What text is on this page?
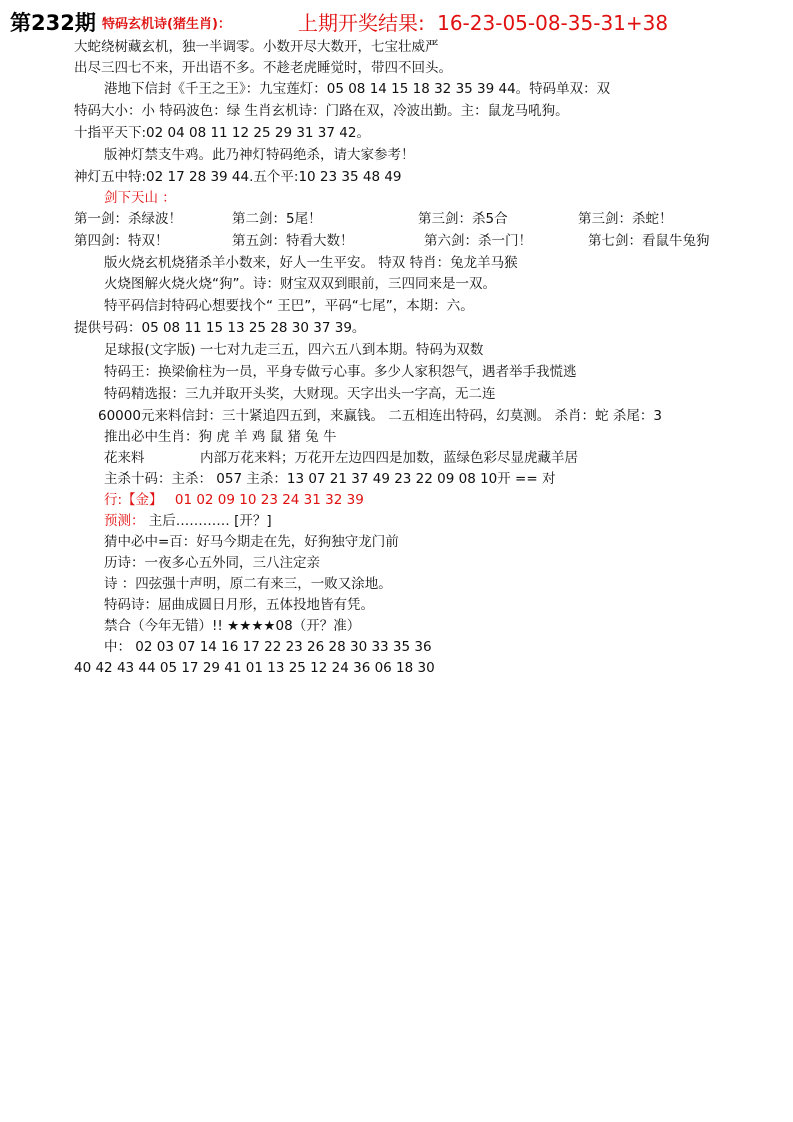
第232期 特码玄机诗(猪生肖)：	上期开奖结果: 16-23-05-08-35-31+38
大蛇绕树藏玄机，独一半调零。小数开尽大数开，七宝壮威严
出尽三四七不来，开出语不多。不趁老虎睡觉时，带四不回头。
港地下信封《千王之王》：九宝莲灯：05 08 14 15 18 32 35 39 44。特码单双：双
特码大小：小 特码波色：绿 生肖玄机诗：门路在双，冷波出勤。主：鼠龙马吼狗。
十指平天下:02 04 08 11 12 25 29 31 37 42。
版神灯禁支牛鸡。此乃神灯特码绝杀，请大家参考！
神灯五中特:02 17 28 39 44.五个平:10 23 35 48 49
剑下天山 ：
第一剑：杀绿波！	第二剑：5尾！	第三剑：杀5合	第三剑：杀蛇！
第四剑：特双！	第五剑：特看大数！	第六剑：杀一门！	第七剑：看鼠牛兔狗
版火烧玄机烧猪杀羊小数来，好人一生平安。 特双 特肖：兔龙羊马猴
火烧图解火烧火烧“狗”。诗：财宝双双到眼前，三四同来是一双。
特平码信封特码心想要找个“ 王巴”，平码“七尾”，本期：六。
提供号码：05 08 11 15 13 25 28 30 37 39。
足球报(文字版) 一七对九走三五，四六五八到本期。特码为双数
特码王：换梁偷柱为一员，平身专做亏心事。多少人家积怨气，遇者举手我慌逃
特码精选报：三九并取开头奖，大财现。天字出头一字高，无二连
60000元来料信封：三十紧追四五到，来赢钱。 二五相连出特码，幻莫测。 杀肖：蛇 杀尾：3
推出必中生肖：狗 虎 羊 鸡 鼠 猪 兔 牛
花来料	内部万花来料；万花开左边四四是加数，蓝绿色彩尽显虎藏羊居
主杀十码：主杀： 057 主杀：13 07 21 37 49 23 22 09 08 10开 == 对
行:【金】 01 02 09 10 23 24 31 32 39
预测： 主后………… [开？]
猜中必中=百：好马今期走在先，好狗独守龙门前
历诗：一夜多心五外同，三八注定亲
诗 ：四弦强十声明，原二有来三，一败又涂地。
特码诗：屈曲成圆日月形，五体投地皆有凭。
禁合（今年无错）!! ★★★★08（开？准）
中： 02 03 07 14 16 17 22 23 26 28 30 33 35 36
40 42 43 44 05 17 29 41 01 13 25 12 24 36 06 18 30
